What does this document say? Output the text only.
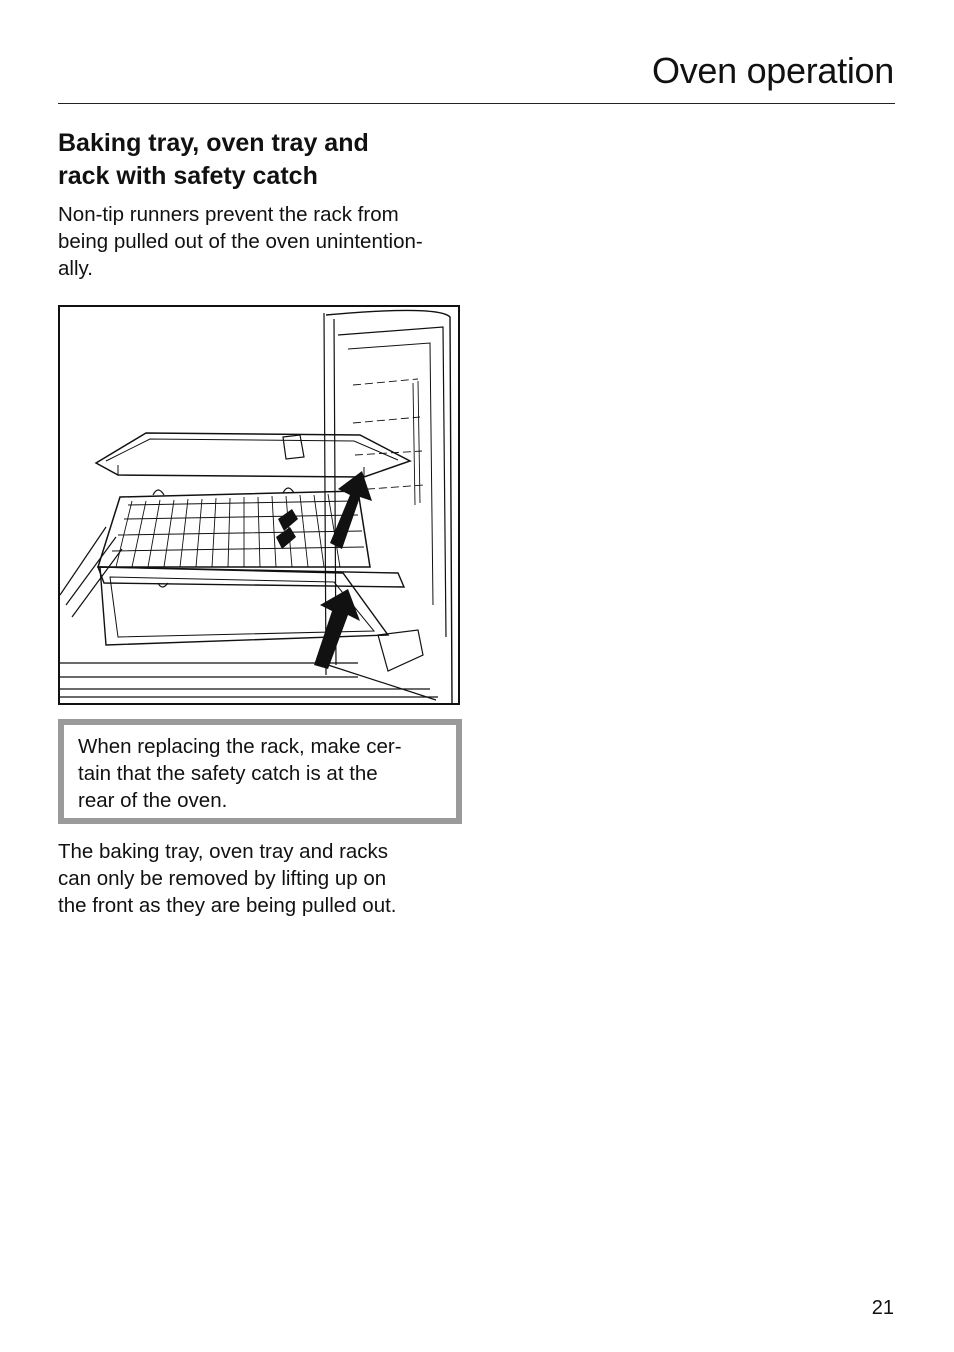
Oven operation
Baking tray, oven tray and
rack with safety catch

Non-tip runners prevent the rack from
being pulled out of the oven unintention-
ally.

When replacing the rack, make cer-
tain that the safety catch is at the
rear of the oven.

The baking tray, oven tray and racks
can only be removed by lifting up on
the front as they are being pulled out.

21
